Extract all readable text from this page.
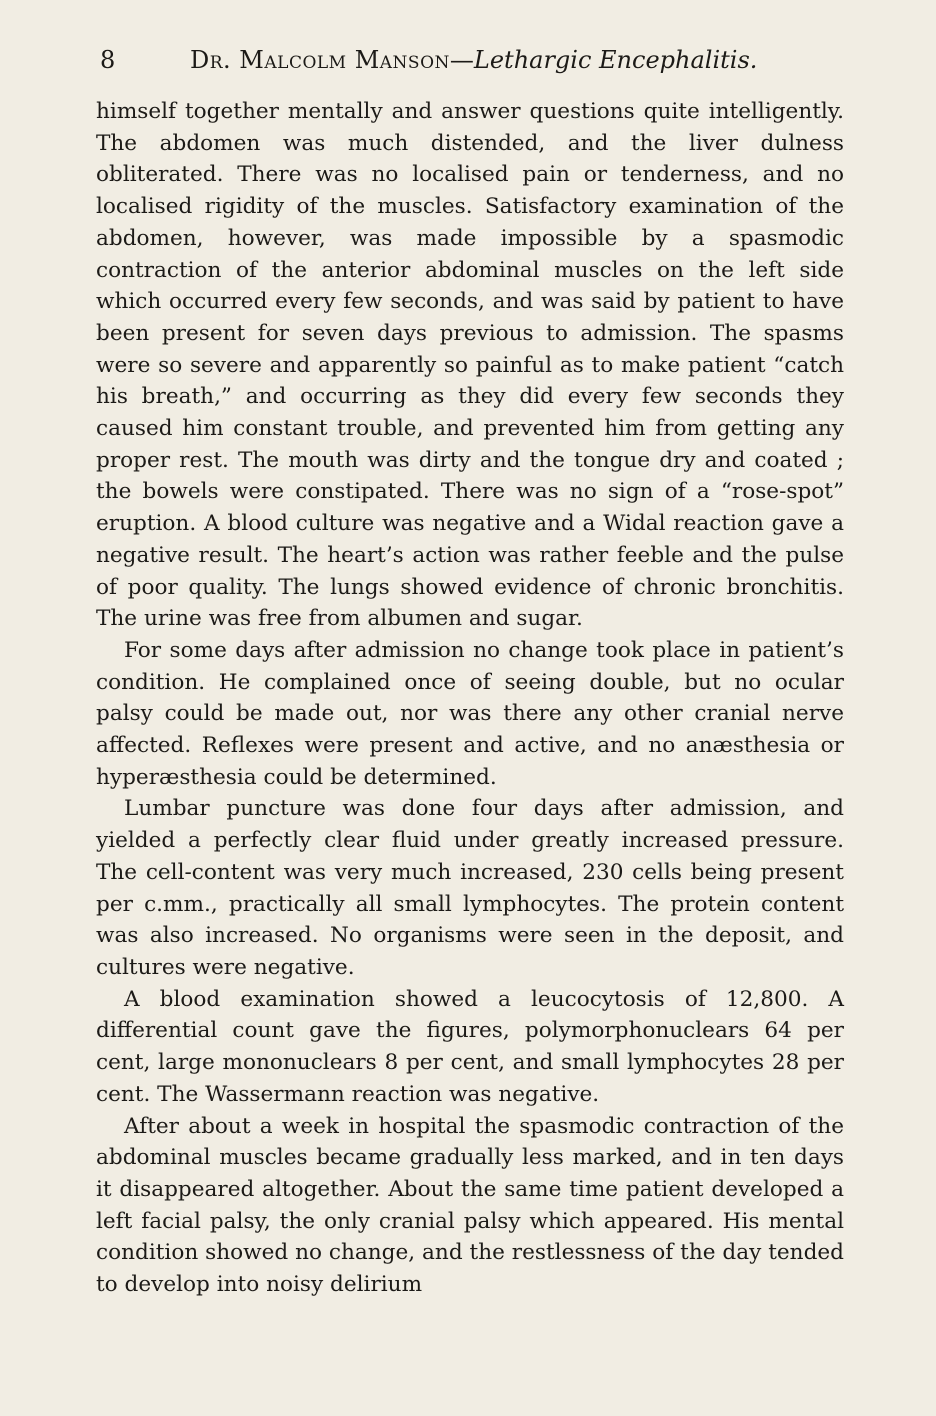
8	Dr. Malcolm Manson—Lethargic Encephalitis.

himself together mentally and answer questions quite intelligently. The abdomen was much distended, and the liver dulness obliterated. There was no localised pain or tenderness, and no localised rigidity of the muscles. Satisfactory examination of the abdomen, however, was made impossible by a spasmodic contraction of the anterior abdominal muscles on the left side which occurred every few seconds, and was said by patient to have been present for seven days previous to admission. The spasms were so severe and apparently so painful as to make patient “catch his breath,” and occurring as they did every few seconds they caused him constant trouble, and prevented him from getting any proper rest. The mouth was dirty and the tongue dry and coated ; the bowels were constipated. There was no sign of a “rose-spot” eruption. A blood culture was negative and a Widal reaction gave a negative result. The heart’s action was rather feeble and the pulse of poor quality. The lungs showed evidence of chronic bronchitis. The urine was free from albumen and sugar.

For some days after admission no change took place in patient’s condition. He complained once of seeing double, but no ocular palsy could be made out, nor was there any other cranial nerve affected. Reflexes were present and active, and no anæsthesia or hyperæsthesia could be determined.

Lumbar puncture was done four days after admission, and yielded a perfectly clear fluid under greatly increased pressure. The cell-content was very much increased, 230 cells being present per c.mm., practically all small lymphocytes. The protein content was also increased. No organisms were seen in the deposit, and cultures were negative.

A blood examination showed a leucocytosis of 12,800. A differential count gave the figures, polymorphonuclears 64 per cent, large mononuclears 8 per cent, and small lymphocytes 28 per cent. The Wassermann reaction was negative.

After about a week in hospital the spasmodic contraction of the abdominal muscles became gradually less marked, and in ten days it disappeared altogether. About the same time patient developed a left facial palsy, the only cranial palsy which appeared. His mental condition showed no change, and the restlessness of the day tended to develop into noisy delirium
